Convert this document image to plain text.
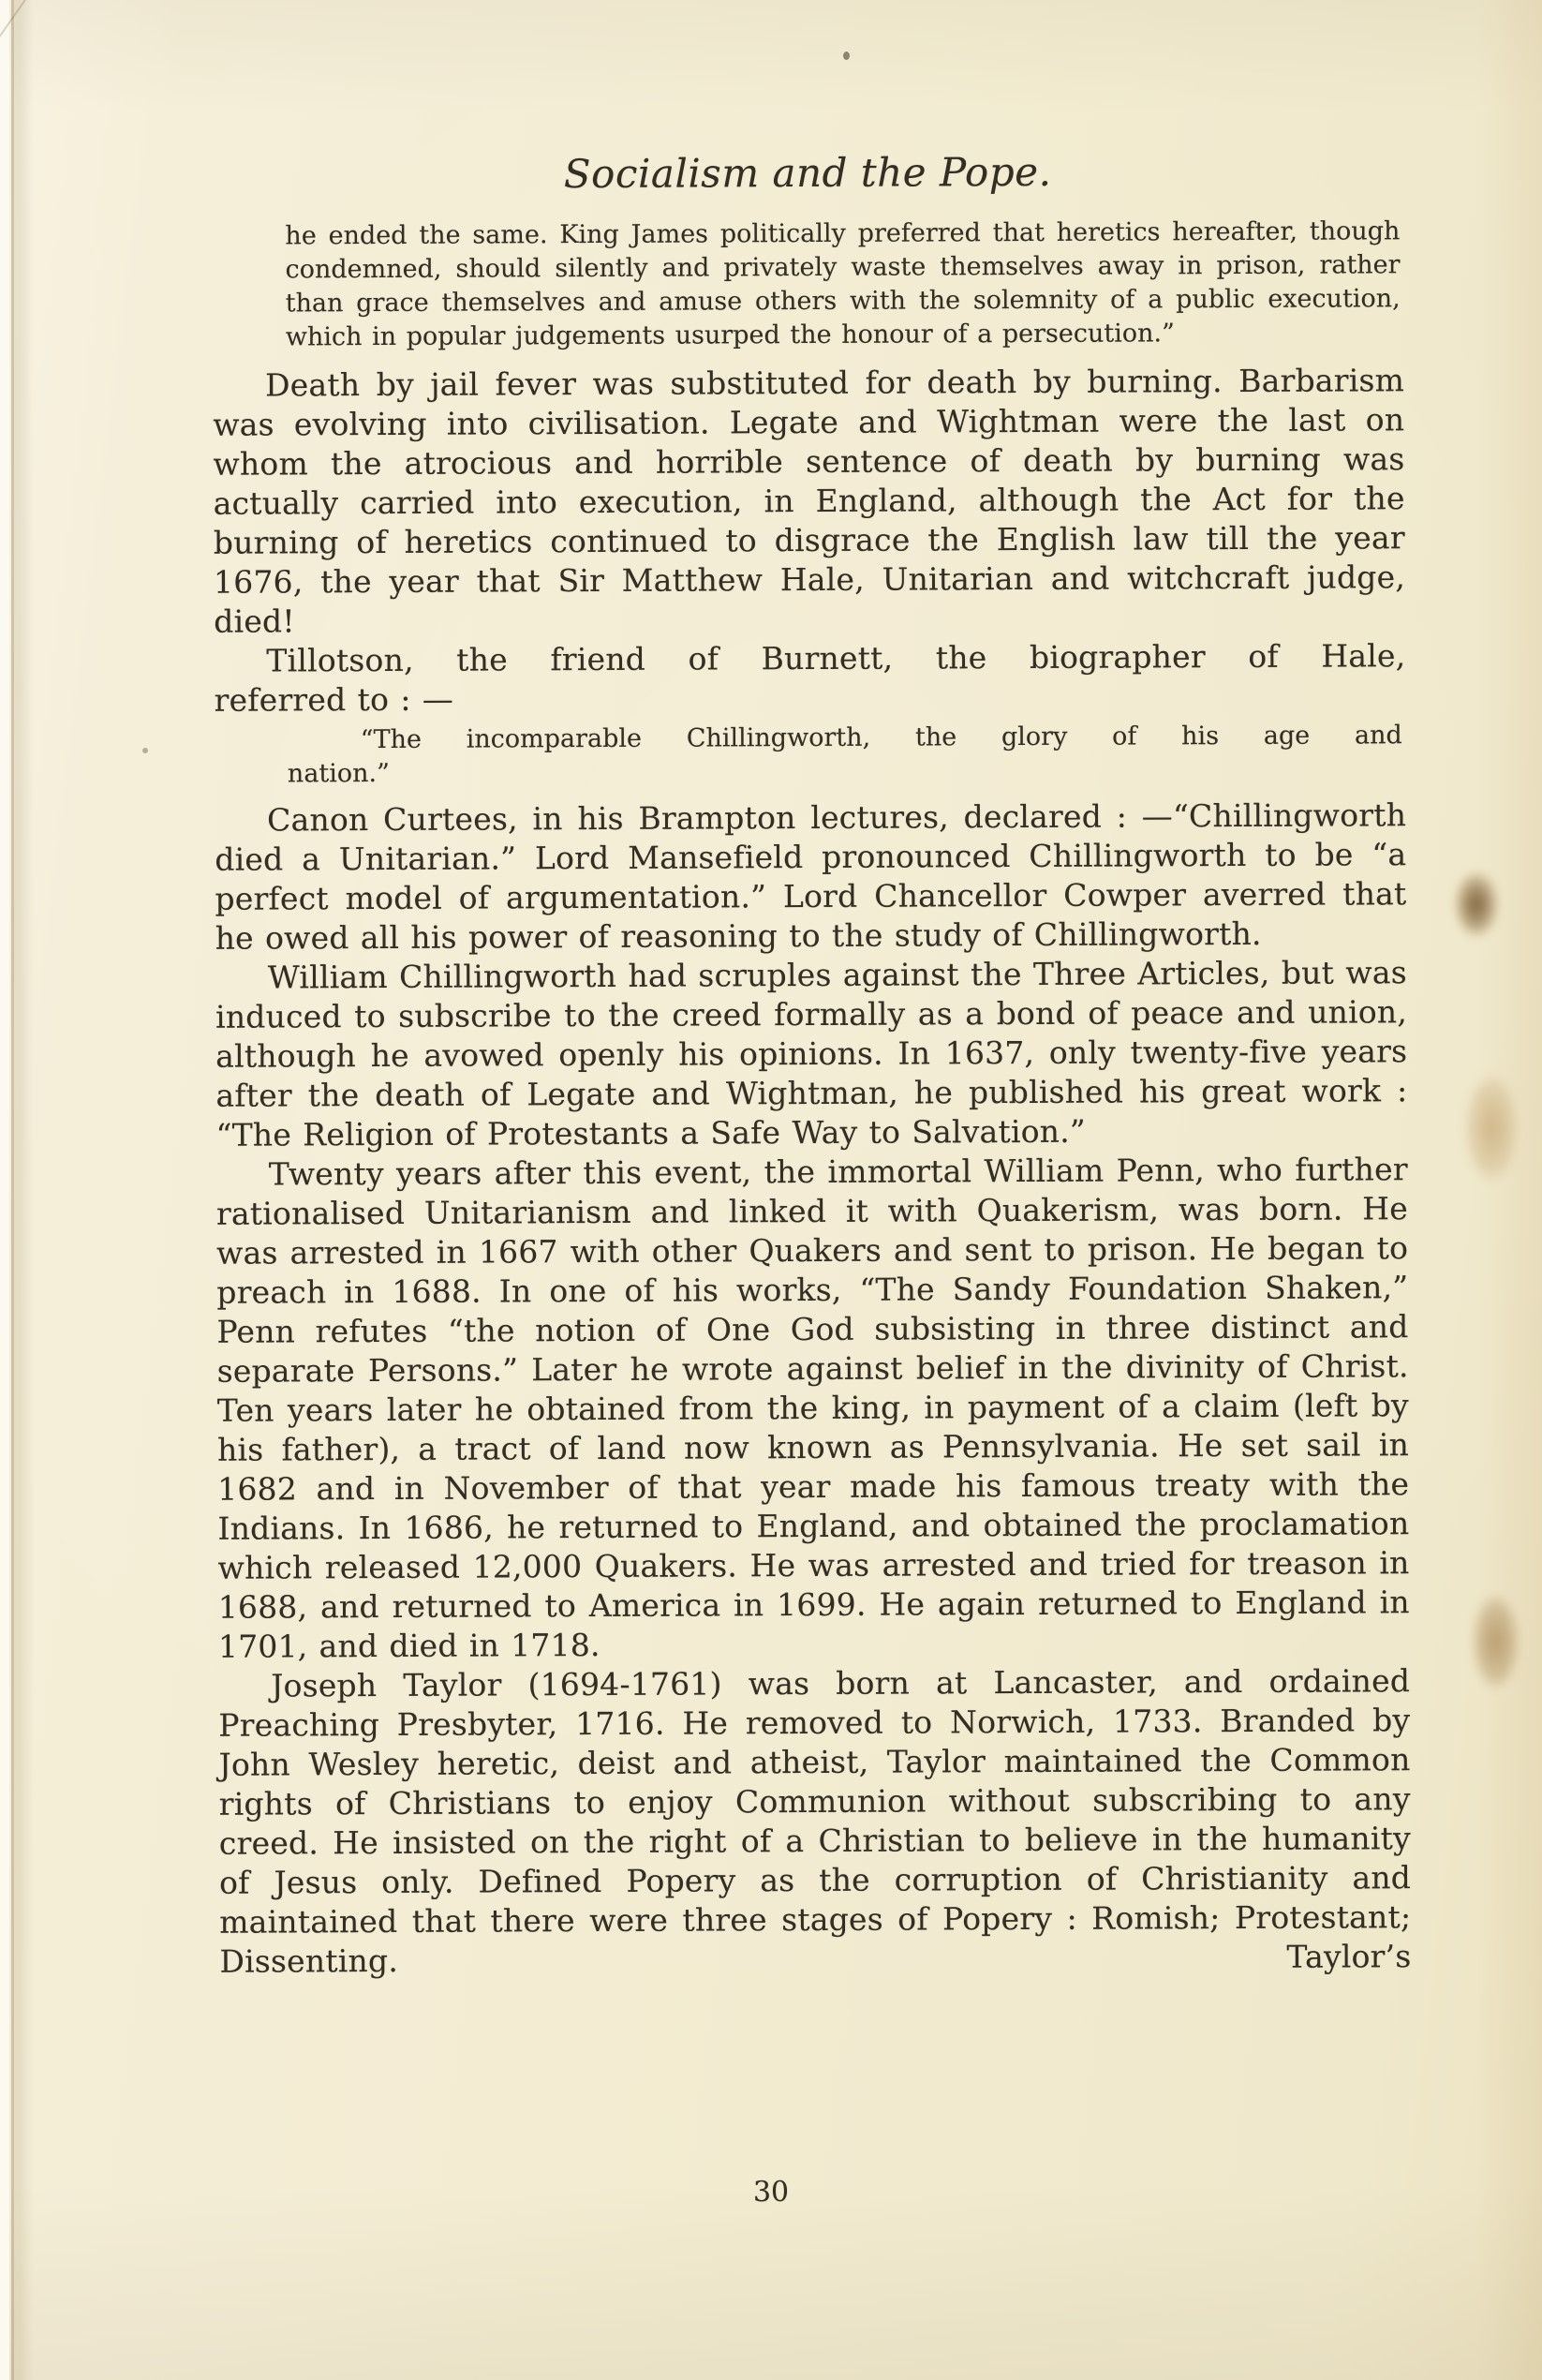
Socialism and the Pope.
he ended the same. King James politically preferred that heretics hereafter, though condemned, should silently and privately waste themselves away in prison, rather than grace themselves and amuse others with the solemnity of a public execution, which in popular judgements usurped the honour of a persecution.”

Death by jail fever was substituted for death by burning. Barbarism was evolving into civilisation. Legate and Wightman were the last on whom the atrocious and horrible sentence of death by burning was actually carried into execution, in England, although the Act for the burning of heretics continued to disgrace the English law till the year 1676, the year that Sir Matthew Hale, Unitarian and witchcraft judge, died!

Tillotson, the friend of Burnett, the biographer of Hale,
referred to : —

“The incomparable Chillingworth, the glory of his age and
nation.”

Canon Curtees, in his Brampton lectures, declared : —“Chillingworth died a Unitarian.” Lord Mansefield pronounced Chillingworth to be “a perfect model of argumentation.” Lord Chancellor Cowper averred that he owed all his power of reasoning to the study of Chillingworth.

William Chillingworth had scruples against the Three Articles, but was induced to subscribe to the creed formally as a bond of peace and union, although he avowed openly his opinions. In 1637, only twenty-five years after the death of Legate and Wightman, he published his great work : “The Religion of Protestants a Safe Way to Salvation.”

Twenty years after this event, the immortal William Penn, who further rationalised Unitarianism and linked it with Quakerism, was born. He was arrested in 1667 with other Quakers and sent to prison. He began to preach in 1688. In one of his works, “The Sandy Foundation Shaken,” Penn refutes “the notion of One God subsisting in three distinct and separate Persons.” Later he wrote against belief in the divinity of Christ. Ten years later he obtained from the king, in payment of a claim (left by his father), a tract of land now known as Pennsylvania. He set sail in 1682 and in November of that year made his famous treaty with the Indians. In 1686, he returned to England, and obtained the proclamation which released 12,000 Quakers. He was arrested and tried for treason in 1688, and returned to America in 1699. He again returned to England in 1701, and died in 1718.

Joseph Taylor (1694-1761) was born at Lancaster, and ordained Preaching Presbyter, 1716. He removed to Norwich, 1733. Branded by John Wesley heretic, deist and atheist, Taylor maintained the Common rights of Christians to enjoy Communion without subscribing to any creed. He insisted on the right of a Christian to believe in the humanity of Jesus only. Defined Popery as the corruption of Christianity and maintained that there were three stages of Popery : Romish; Protestant; Dissenting. Taylor’s

30
